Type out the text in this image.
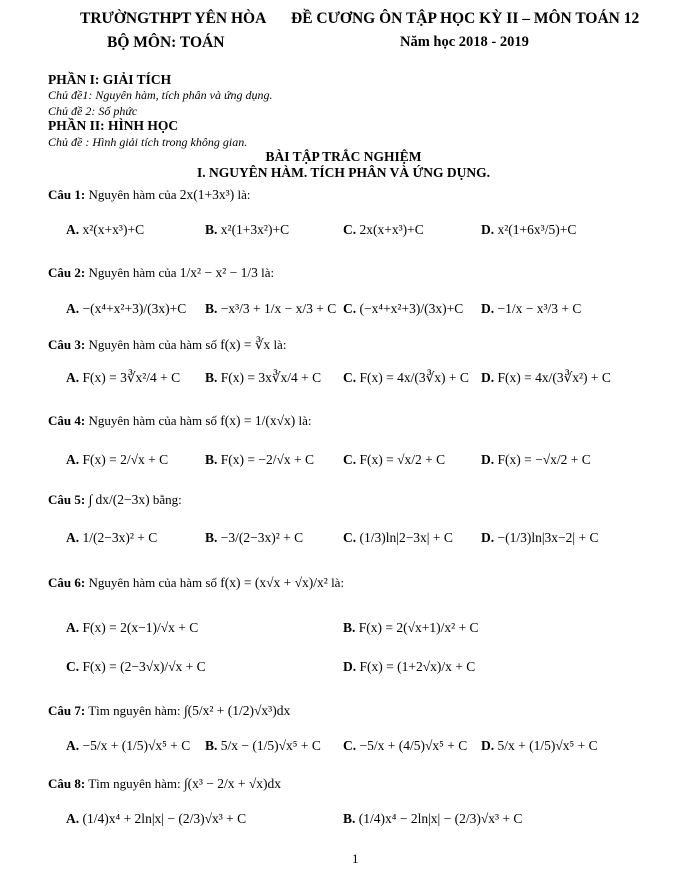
TRƯỜNGTHPT YÊN HÒA ĐỀ CƯƠNG ÔN TẬP HỌC KỲ II – MÔN TOÁN 12
BỘ MÔN: TOÁN	Năm học 2018 - 2019
PHẦN I: GIẢI TÍCH
Chủ đề1: Nguyên hàm, tích phân và ứng dụng.
Chủ đề 2: Số phức
PHẦN II: HÌNH HỌC
Chủ đề : Hình giải tích trong không gian.
BÀI TẬP TRẮC NGHIỆM
I. NGUYÊN HÀM. TÍCH PHÂN VÀ ỨNG DỤNG.
Câu 1: Nguyên hàm của 2x(1+3x³) là:
A. x²(x+x³)+C	B. x²(1+3x²)+C	C. 2x(x+x³)+C	D. x²(1+6x³/5)+C
Câu 2: Nguyên hàm của 1/x² − x² − 1/3 là:
A. −(x⁴+x²+3)/(3x)+C B. −x³/3 + 1/x − x/3 + C C. (−x⁴+x²+3)/(3x)+C D. −1/x − x³/3 + C
Câu 3: Nguyên hàm của hàm số f(x) = ∛x là:
A. F(x) = 3∛x²/4 + C B. F(x) = 3x∛x/4 + C C. F(x) = 4x/(3∛x) + C D. F(x) = 4x/(3∛x²) + C
Câu 4: Nguyên hàm của hàm số f(x) = 1/(x√x) là:
A. F(x) = 2/√x + C	B. F(x) = −2/√x + C C. F(x) = √x/2 + C	D. F(x) = −√x/2 + C
Câu 5: ∫ dx/(2−3x) bằng:
A. 1/(2−3x)² + C	B. −3/(2−3x)² + C	C. (1/3)ln|2−3x| + C D. −(1/3)ln|3x−2| + C
Câu 6: Nguyên hàm của hàm số f(x) = (x√x + √x)/x² là:
A. F(x) = 2(x−1)/√x + C	B. F(x) = 2(√x+1)/x² + C
C. F(x) = (2−3√x)/√x + C	D. F(x) = (1+2√x)/x + C
Câu 7: Tìm nguyên hàm: ∫(5/x² + (1/2)√x³)dx
A. −5/x + (1/5)√x⁵ + C B. 5/x − (1/5)√x⁵ + C C. −5/x + (4/5)√x⁵ + C D. 5/x + (1/5)√x⁵ + C
Câu 8: Tìm nguyên hàm: ∫(x³ − 2/x + √x)dx
A. (1/4)x⁴ + 2ln|x| − (2/3)√x³ + C	B. (1/4)x⁴ − 2ln|x| − (2/3)√x³ + C
1
